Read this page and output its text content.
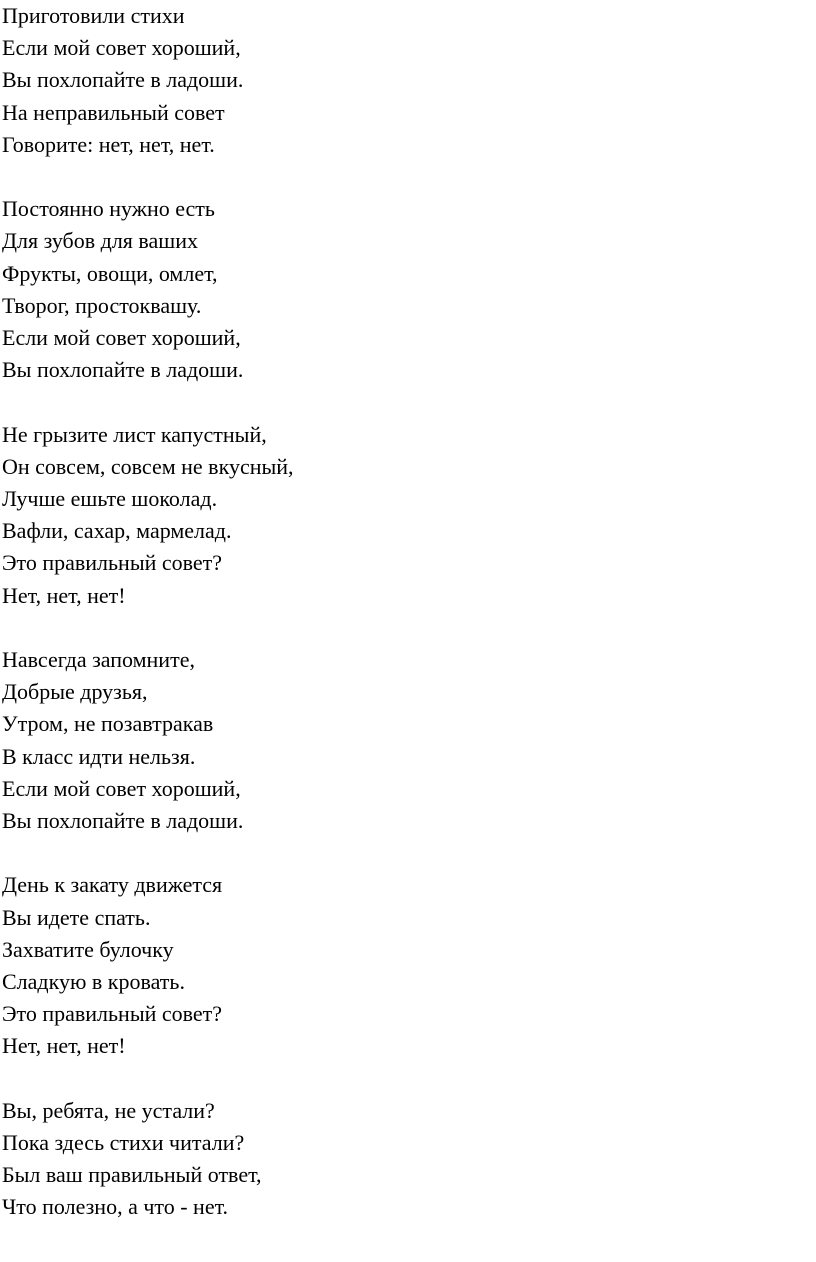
Приготовили стихи
Если мой совет хороший,
Вы похлопайте в ладоши.
На неправильный совет
Говорите: нет, нет, нет.
Постоянно нужно есть
Для зубов для ваших
Фрукты, овощи, омлет,
Творог, простоквашу.
Если мой совет хороший,
Вы похлопайте в ладоши.
Не грызите лист капустный,
Он совсем, совсем не вкусный,
Лучше ешьте шоколад.
Вафли, сахар, мармелад.
Это правильный совет?
Нет, нет, нет!
Навсегда запомните,
Добрые друзья,
Утром, не позавтракав
В класс идти нельзя.
Если мой совет хороший,
Вы похлопайте в ладоши.
День к закату движется
Вы идете спать.
Захватите булочку
Сладкую в кровать.
Это правильный совет?
Нет, нет, нет!
Вы, ребята, не устали?
Пока здесь стихи читали?
Был ваш правильный ответ,
Что полезно, а что - нет.
